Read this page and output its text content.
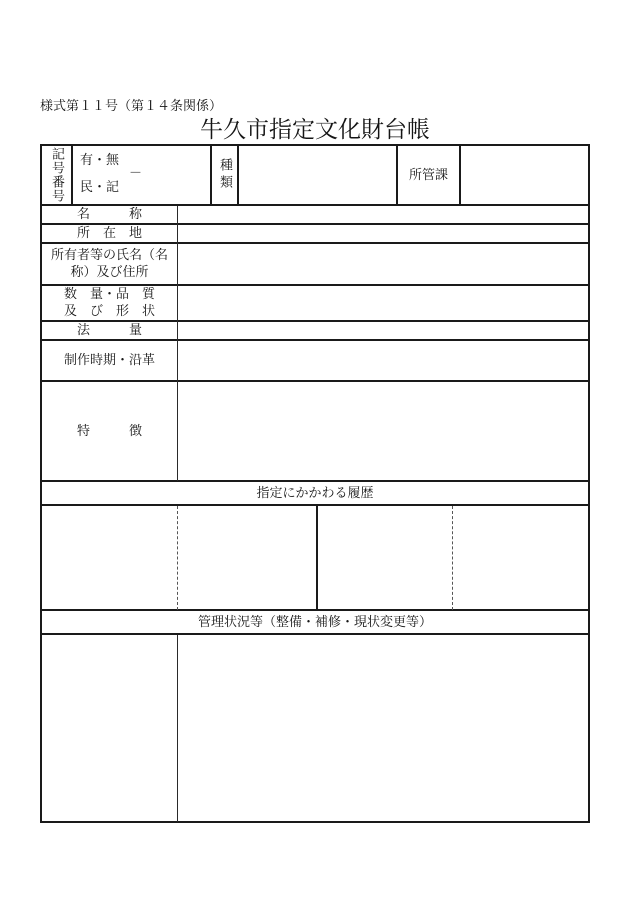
様式第１１号（第１４条関係）
牛久市指定文化財台帳
記号番号 有・無
－
民・記	種類	所管課
名　　　称
所　在　地
所有者等の氏名（名
称）及び住所
数　量・品　質
及　び　形　状
法　　　量
制作時期・沿革
特　　　徴
指定にかかわる履歴
管理状況等（整備・補修・現状変更等）
